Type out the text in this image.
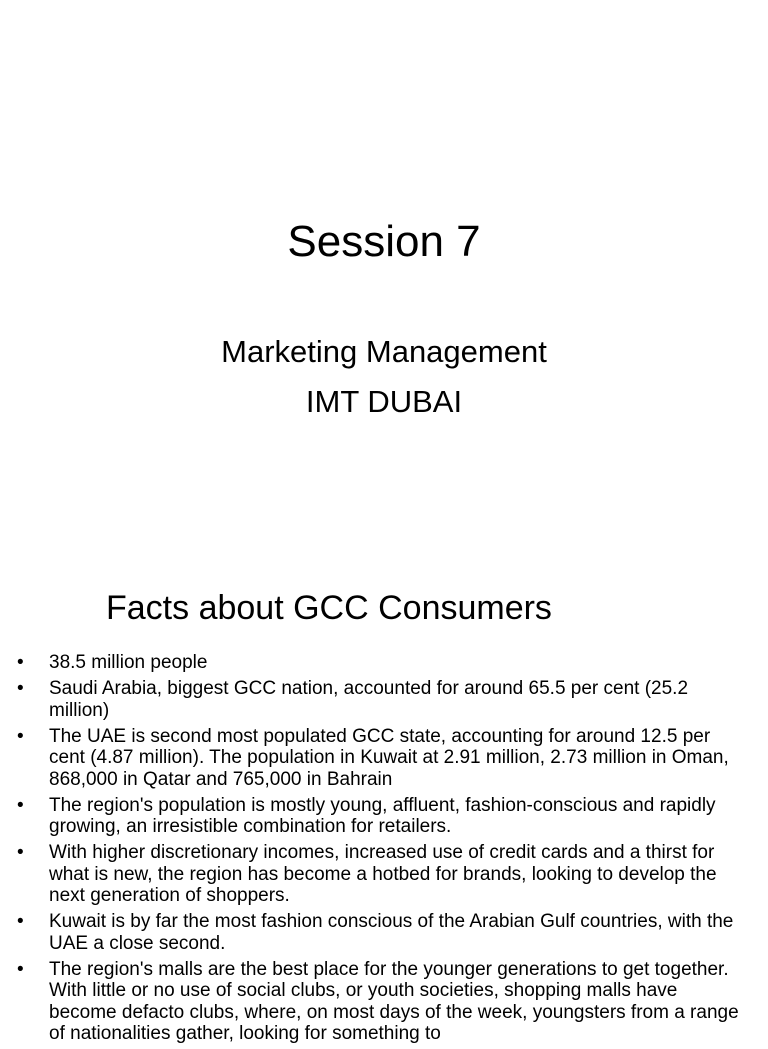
Session 7
Marketing Management
IMT DUBAI
Facts about GCC Consumers
• 38.5 million people
• Saudi Arabia, biggest GCC nation, accounted for around 65.5 per cent (25.2 million)
• The UAE is second most populated GCC state, accounting for around 12.5 per cent (4.87 million). The population in Kuwait at 2.91 million, 2.73 million in Oman, 868,000 in Qatar and 765,000 in Bahrain
• The region's population is mostly young, affluent, fashion-conscious and rapidly growing, an irresistible combination for retailers.
• With higher discretionary incomes, increased use of credit cards and a thirst for what is new, the region has become a hotbed for brands, looking to develop the next generation of shoppers.
• Kuwait is by far the most fashion conscious of the Arabian Gulf countries, with the UAE a close second.
• The region's malls are the best place for the younger generations to get together. With little or no use of social clubs, or youth societies, shopping malls have become defacto clubs, where, on most days of the week, youngsters from a range of nationalities gather, looking for something to
